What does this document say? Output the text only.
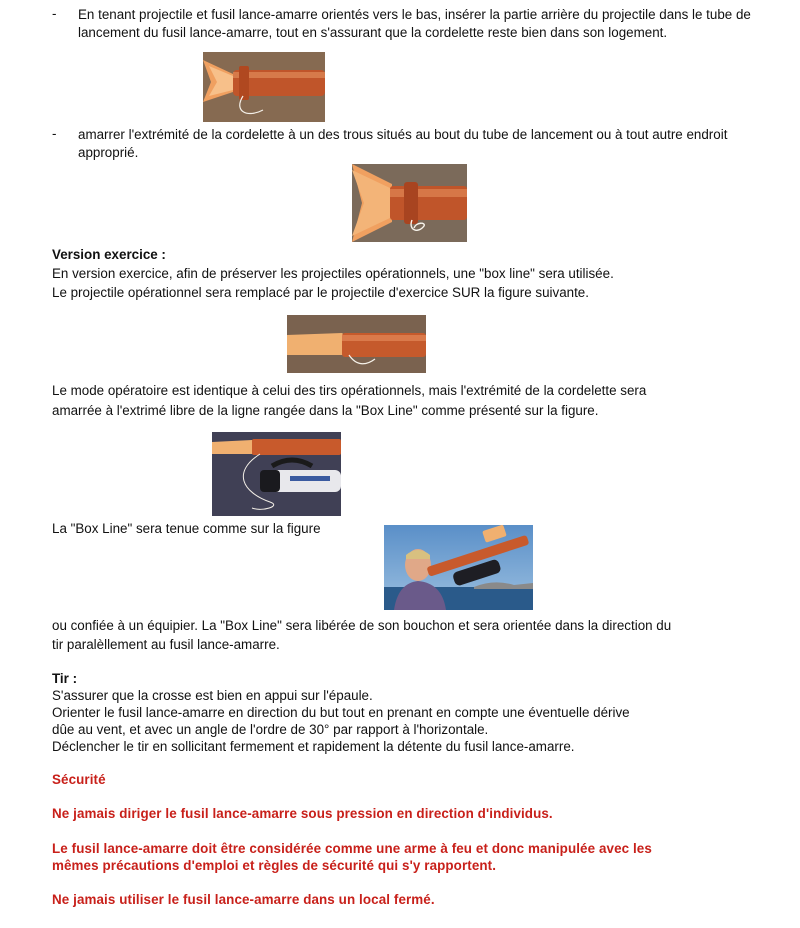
- En tenant projectile et fusil lance-amarre orientés vers le bas, insérer la partie arrière du projectile dans le tube de lancement du fusil lance-amarre, tout en s'assurant que la cordelette reste bien dans son logement.
- amarrer l'extrémité de la cordelette à un des trous situés au bout du tube de lancement ou à tout autre endroit approprié.
Version exercice :
En version exercice, afin de préserver les projectiles opérationnels, une "box line" sera utilisée.
Le projectile opérationnel sera remplacé par le projectile d'exercice SUR la figure suivante.
Le mode opératoire est identique à celui des tirs opérationnels, mais l'extrémité de la cordelette sera
amarrée à l'extrimé libre de la ligne rangée dans la "Box Line" comme présenté sur la figure.
La "Box Line" sera tenue comme sur la figure
ou confiée à un équipier. La "Box Line" sera libérée de son bouchon et sera orientée dans la direction du
tir paralèllement au fusil lance-amarre.
Tir :
S'assurer que la crosse est bien en appui sur l'épaule.
Orienter le fusil lance-amarre en direction du but tout en prenant en compte une éventuelle dérive
dûe au vent, et avec un angle de l'ordre de 30° par rapport à l'horizontale.
Déclencher le tir en sollicitant fermement et rapidement la détente du fusil lance-amarre.
Sécurité
Ne jamais diriger le fusil lance-amarre sous pression en direction d'individus.
Le fusil lance-amarre doit être considérée comme une arme à feu et donc manipulée avec les
mêmes précautions d'emploi et règles de sécurité qui s'y rapportent.
Ne jamais utiliser le fusil lance-amarre dans un local fermé.
